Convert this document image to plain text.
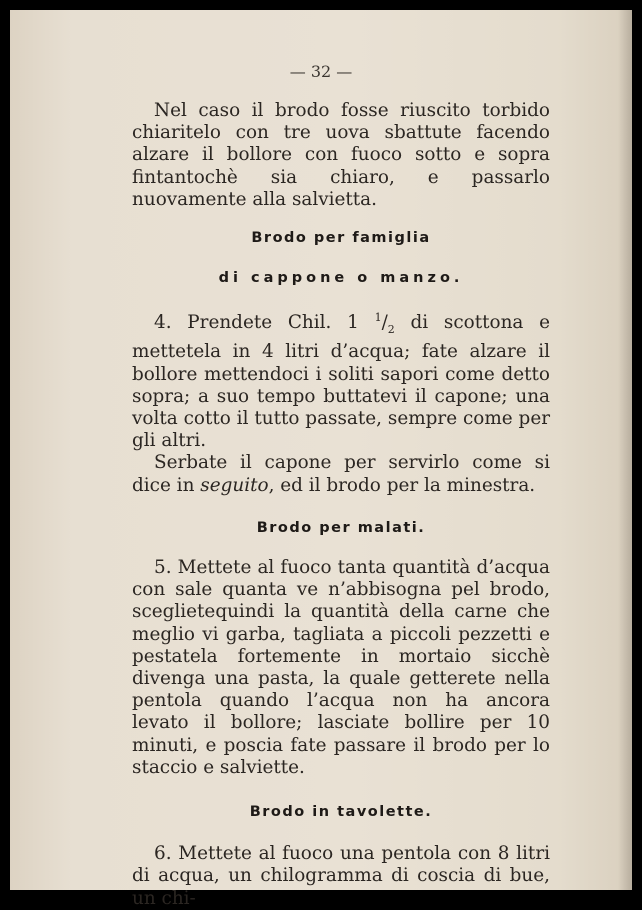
— 32 —

Nel caso il brodo fosse riuscito torbido chiaritelo con tre uova sbattute facendo alzare il bollore con fuoco sotto e sopra fintantochè sia chiaro, e passarlo nuovamente alla salvietta.

Brodo per famiglia

di cappone o manzo.

4. Prendete Chil. 1 $^1/_2$ di scottona e mettetela in 4 litri d’acqua; fate alzare il bollore mettendoci i soliti sapori come detto sopra; a suo tempo buttatevi il capone; una volta cotto il tutto passate, sempre come per gli altri.

Serbate il capone per servirlo come si dice in seguito, ed il brodo per la minestra.

Brodo per malati.

5. Mettete al fuoco tanta quantità d’acqua con sale quanta ve n’abbisogna pel brodo, sceglietequindi la quantità della carne che meglio vi garba, tagliata a piccoli pezzetti e pestatela fortemente in mortaio sicchè divenga una pasta, la quale getterete nella pentola quando l’acqua non ha ancora levato il bollore; lasciate bollire per 10 minuti, e poscia fate passare il brodo per lo staccio e salviette.

Brodo in tavolette.

6. Mettete al fuoco una pentola con 8 litri di acqua, un chilogramma di coscia di bue, un chi-
